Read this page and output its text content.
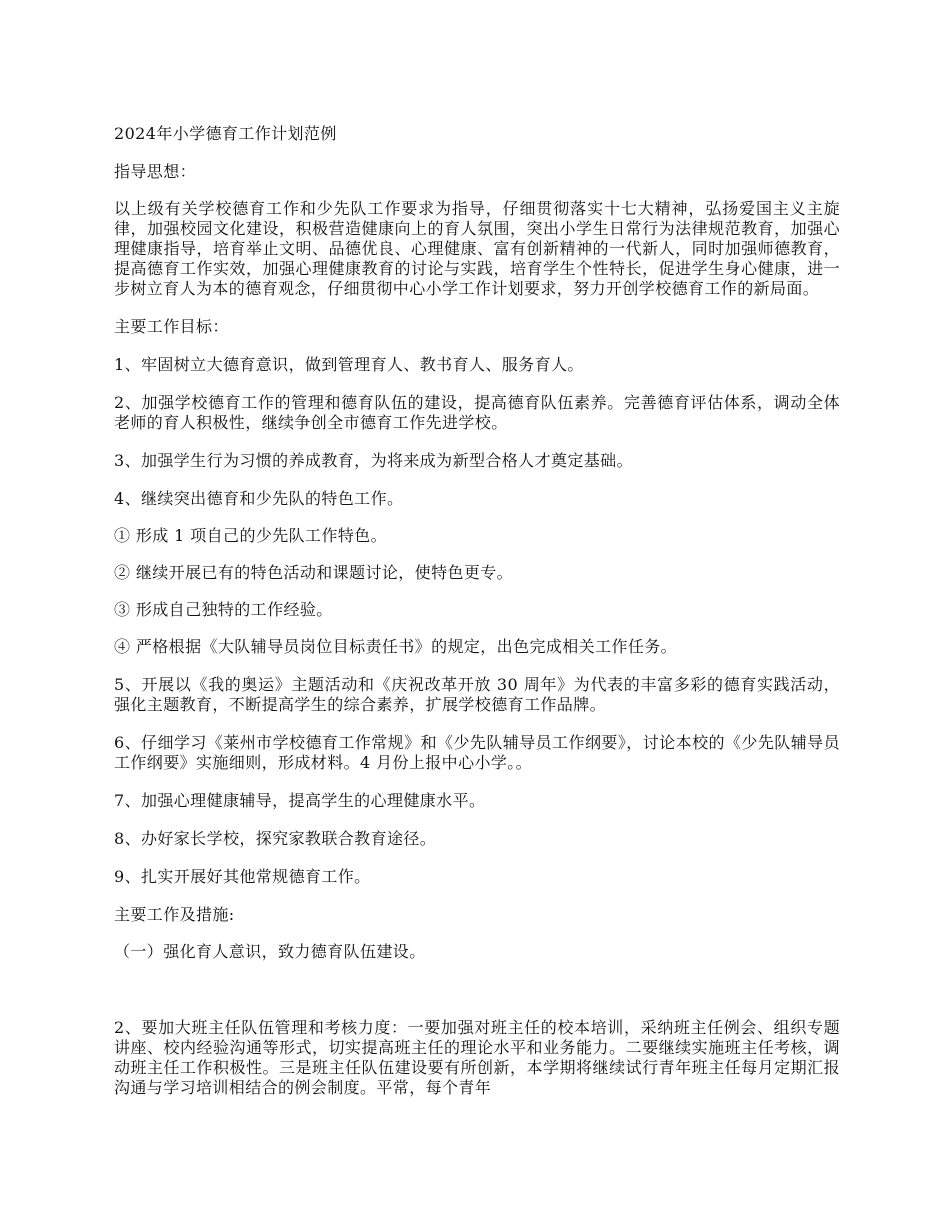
2024年小学德育工作计划范例

指导思想：

以上级有关学校德育工作和少先队工作要求为指导，仔细贯彻落实十七大精神，弘扬爱国主义主旋律，加强校园文化建设，积极营造健康向上的育人氛围，突出小学生日常行为法律规范教育，加强心理健康指导，培育举止文明、品德优良、心理健康、富有创新精神的一代新人，同时加强师德教育，提高德育工作实效，加强心理健康教育的讨论与实践，培育学生个性特长，促进学生身心健康，进一步树立育人为本的德育观念，仔细贯彻中心小学工作计划要求，努力开创学校德育工作的新局面。

主要工作目标：

1、牢固树立大德育意识，做到管理育人、教书育人、服务育人。

2、加强学校德育工作的管理和德育队伍的建设，提高德育队伍素养。完善德育评估体系，调动全体老师的育人积极性，继续争创全市德育工作先进学校。

3、加强学生行为习惯的养成教育，为将来成为新型合格人才奠定基础。

4、继续突出德育和少先队的特色工作。

① 形成 1 项自己的少先队工作特色。

② 继续开展已有的特色活动和课题讨论，使特色更专。

③ 形成自己独特的工作经验。

④ 严格根据《大队辅导员岗位目标责任书》的规定，出色完成相关工作任务。

5、开展以《我的奥运》主题活动和《庆祝改革开放 30 周年》为代表的丰富多彩的德育实践活动，强化主题教育，不断提高学生的综合素养，扩展学校德育工作品牌。

6、仔细学习《莱州市学校德育工作常规》和《少先队辅导员工作纲要》，讨论本校的《少先队辅导员工作纲要》实施细则，形成材料。4 月份上报中心小学。。

7、加强心理健康辅导，提高学生的心理健康水平。

8、办好家长学校，探究家教联合教育途径。

9、扎实开展好其他常规德育工作。

主要工作及措施:

（一）强化育人意识，致力德育队伍建设。

2、要加大班主任队伍管理和考核力度：一要加强对班主任的校本培训，采纳班主任例会、组织专题讲座、校内经验沟通等形式，切实提高班主任的理论水平和业务能力。二要继续实施班主任考核，调动班主任工作积极性。三是班主任队伍建设要有所创新，本学期将继续试行青年班主任每月定期汇报沟通与学习培训相结合的例会制度。平常，每个青年
